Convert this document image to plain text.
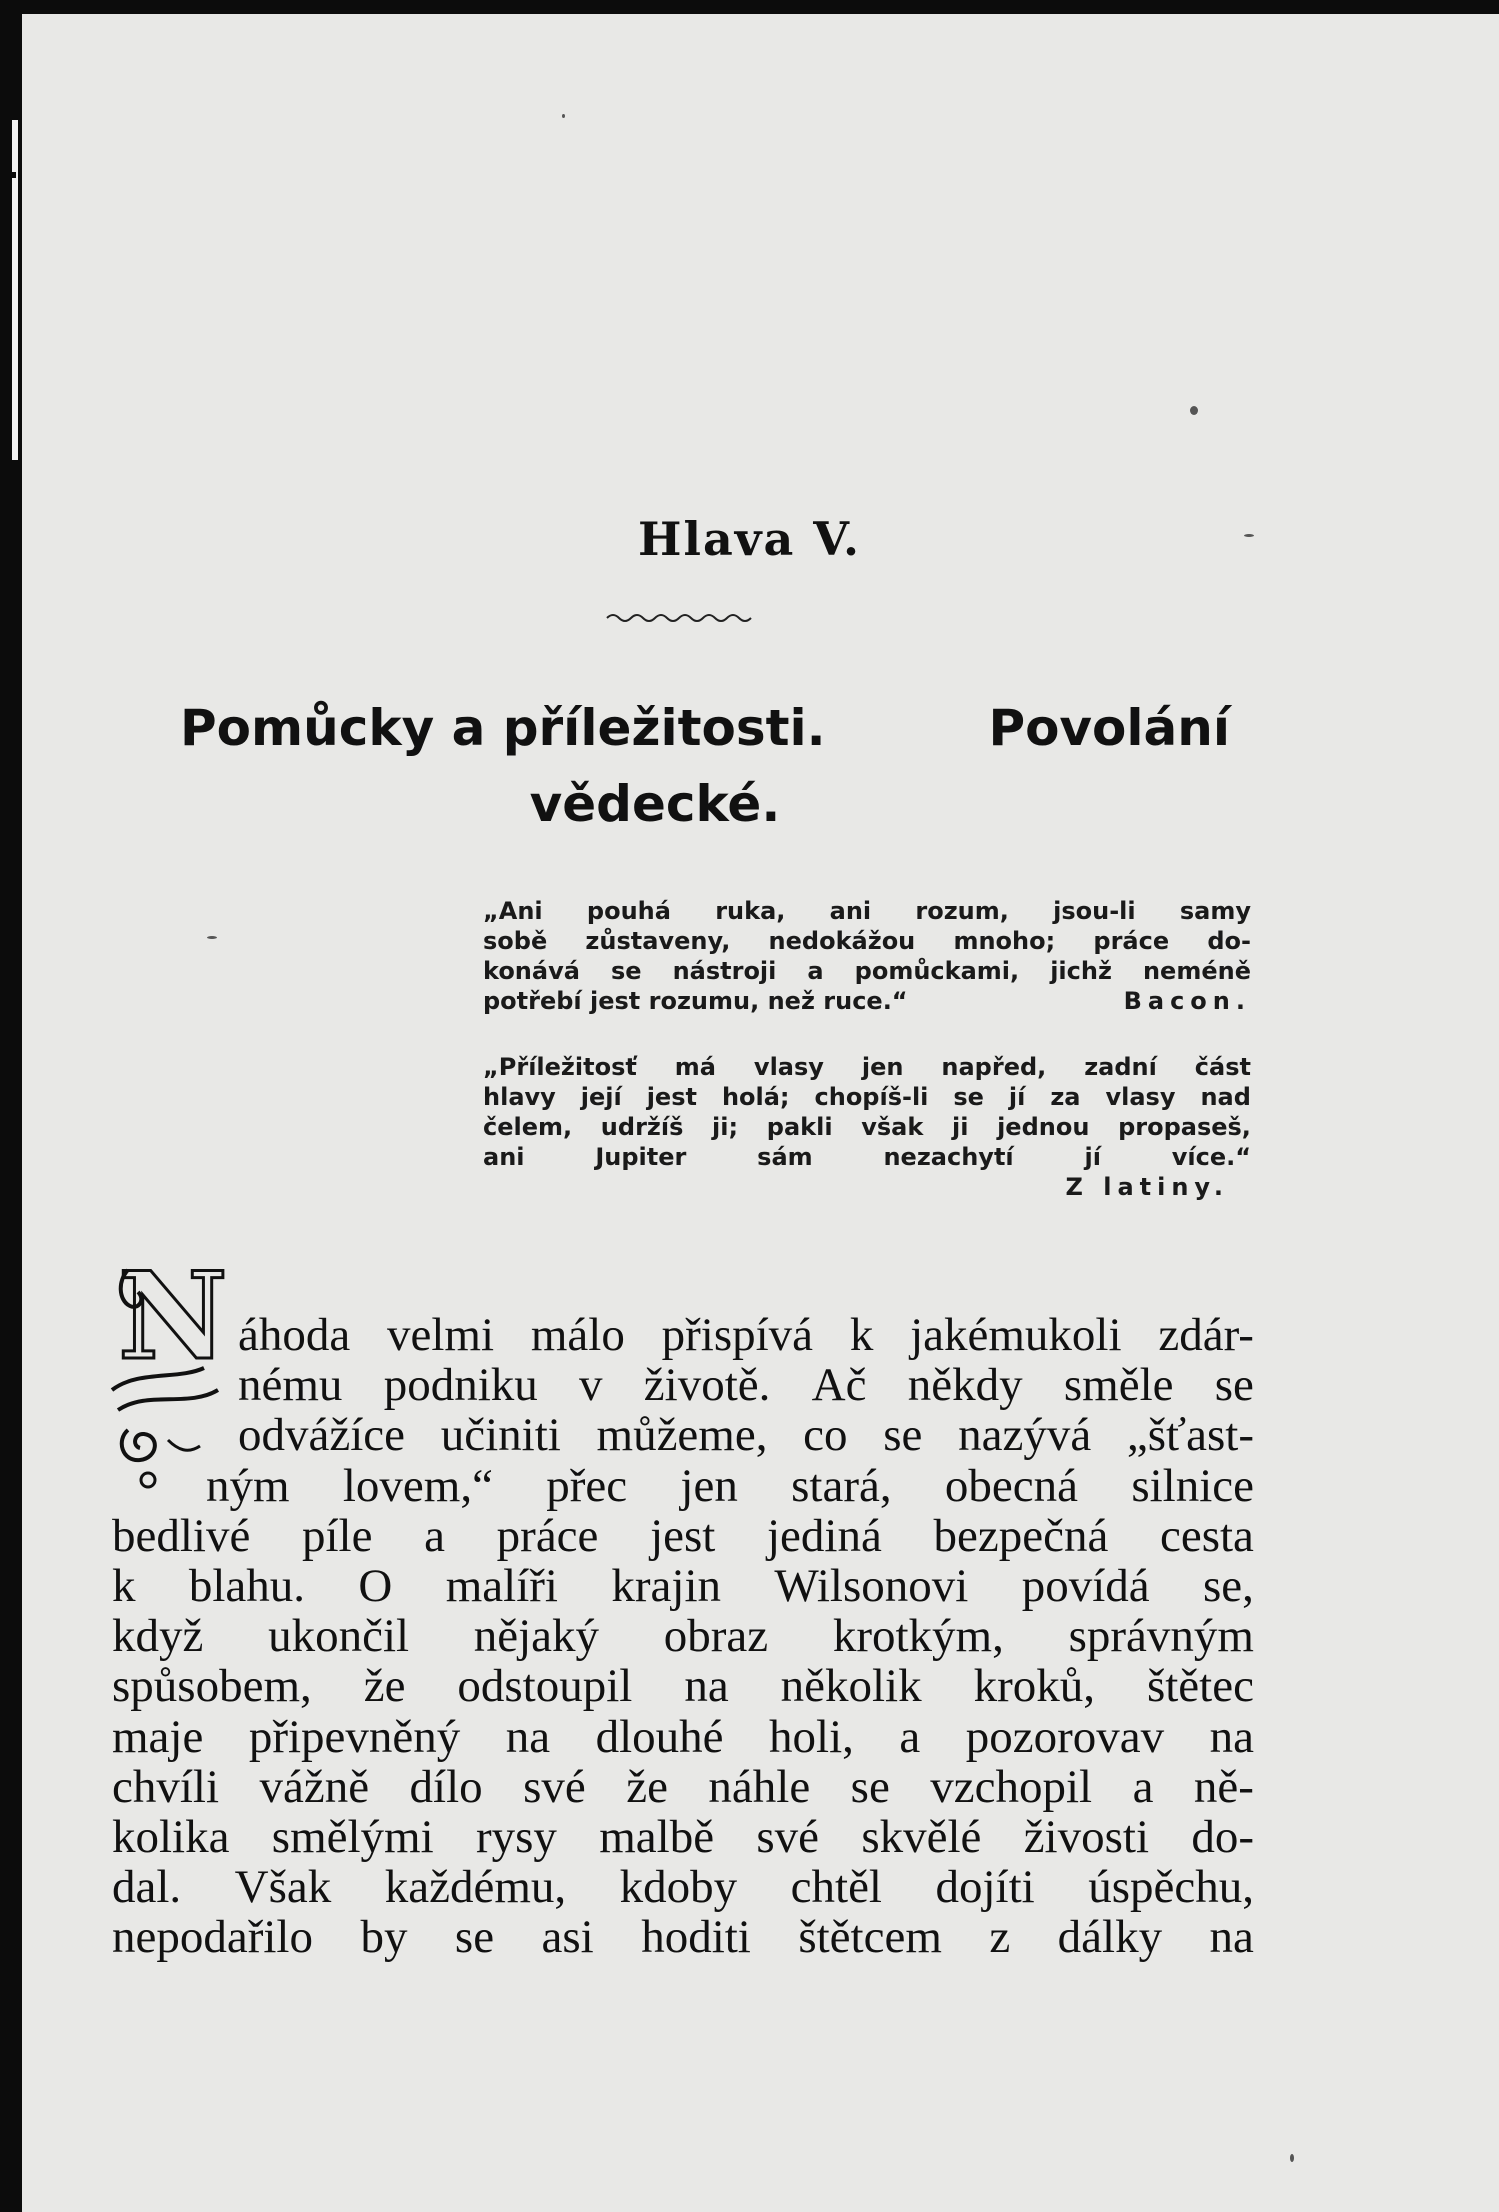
Hlava V.
Pomůcky a příležitosti.	Povolání
vědecké.
„Ani pouhá ruka, ani rozum, jsou-li samy
sobě zůstaveny, nedokážou mnoho; práce do-
konává se nástroji a pomůckami, jichž neméně
potřebí jest rozumu, než ruce.“	Bacon.
„Příležitosť má vlasy jen napřed, zadní část
hlavy její jest holá; chopíš-li se jí za vlasy nad
čelem, udržíš ji; pakli však ji jednou propaseš,
ani	Jupiter	sám	nezachytí	jí	více.“
Z latiny.
N áhoda velmi málo přispívá k jakémukoli zdár-
nému podniku v životě. Ač někdy směle se
odvážíce učiniti můžeme, co se nazývá „šťast-
ným lovem,“ přec jen stará, obecná silnice
bedlivé píle a práce jest jediná bezpečná cesta
k blahu. O malíři krajin Wilsonovi povídá se,
když ukončil nějaký obraz krotkým, správným
spůsobem, že odstoupil na několik kroků, štětec
maje připevněný na dlouhé holi, a pozorovav na
chvíli vážně dílo své že náhle se vzchopil a ně-
kolika smělými rysy malbě své skvělé živosti do-
dal. Však každému, kdoby chtěl dojíti úspěchu,
nepodařilo by se asi hoditi štětcem z dálky na
